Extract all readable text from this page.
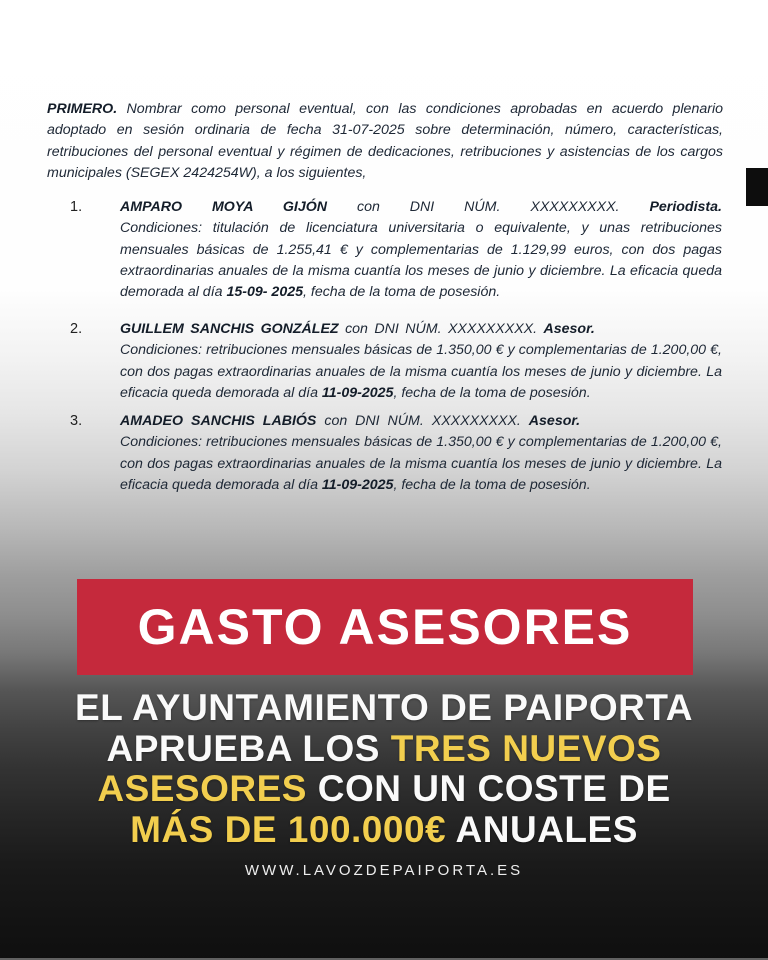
PRIMERO. Nombrar como personal eventual, con las condiciones aprobadas en acuerdo plenario adoptado en sesión ordinaria de fecha 31-07-2025 sobre determinación, número, características, retribuciones del personal eventual y régimen de dedicaciones, retribuciones y asistencias de los cargos municipales (SEGEX 2424254W), a los siguientes,

1.	AMPARO MOYA GIJÓN con DNI NÚM. XXXXXXXXX. Periodista.
Condiciones: titulación de licenciatura universitaria o equivalente, y unas retribuciones mensuales básicas de 1.255,41 € y complementarias de 1.129,99 euros, con dos pagas extraordinarias anuales de la misma cuantía los meses de junio y diciembre. La eficacia queda demorada al día 15-09- 2025, fecha de la toma de posesión.
2.	GUILLEM SANCHIS GONZÁLEZ con DNI NÚM. XXXXXXXXX. Asesor.
Condiciones: retribuciones mensuales básicas de 1.350,00 € y complementarias de 1.200,00 €, con dos pagas extraordinarias anuales de la misma cuantía los meses de junio y diciembre. La eficacia queda demorada al día 11-09-2025, fecha de la toma de posesión.
3.	AMADEO SANCHIS LABIÓS con DNI NÚM. XXXXXXXXX. Asesor.
Condiciones: retribuciones mensuales básicas de 1.350,00 € y complementarias de 1.200,00 €, con dos pagas extraordinarias anuales de la misma cuantía los meses de junio y diciembre. La eficacia queda demorada al día 11-09-2025, fecha de la toma de posesión.
GASTO ASESORES
EL AYUNTAMIENTO DE PAIPORTA
APRUEBA LOS TRES NUEVOS
ASESORES CON UN COSTE DE
MÁS DE 100.000€ ANUALES
WWW.LAVOZDEPAIPORTA.ES
